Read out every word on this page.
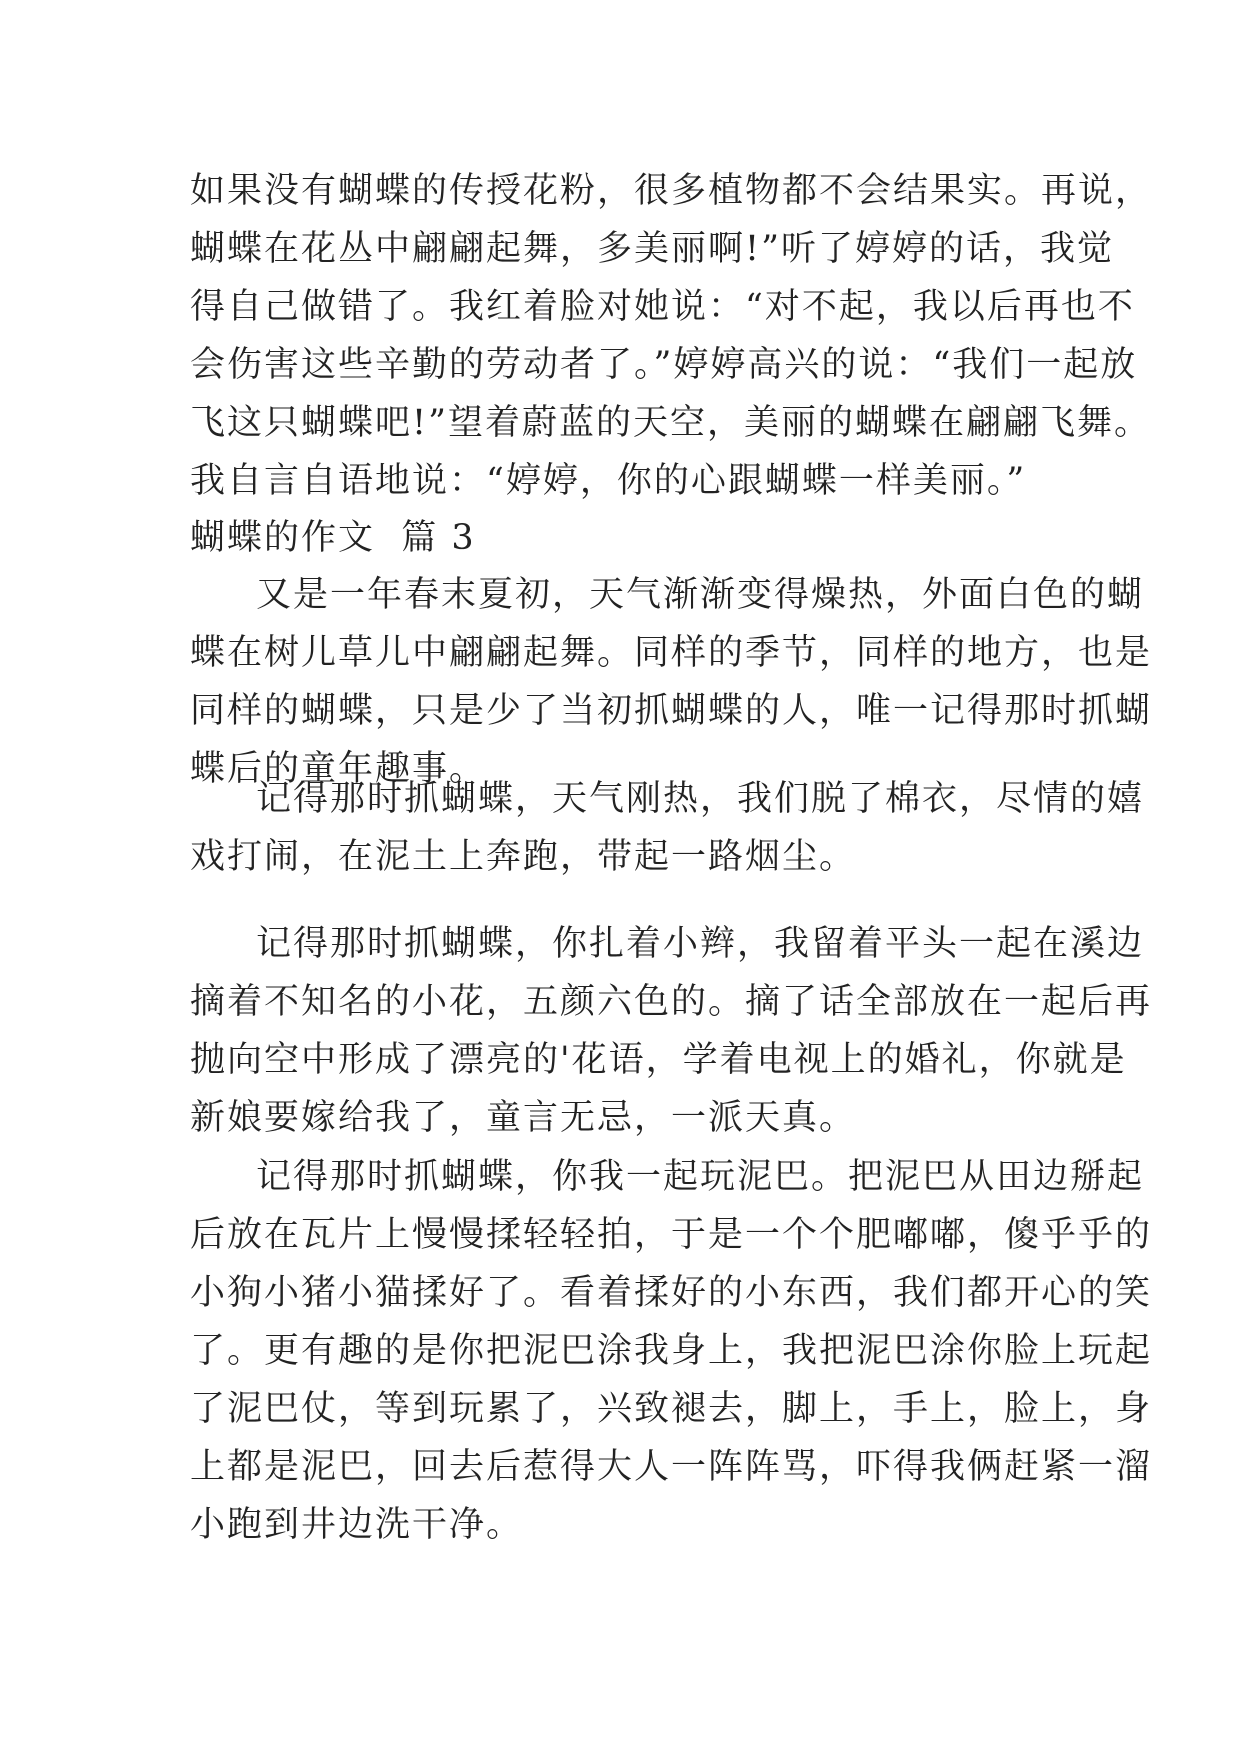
如果没有蝴蝶的传授花粉，很多植物都不会结果实。再说，
蝴蝶在花丛中翩翩起舞，多美丽啊!”听了婷婷的话，我觉
得自己做错了。我红着脸对她说：“对不起，我以后再也不
会伤害这些辛勤的劳动者了。”婷婷高兴的说：“我们一起放
飞这只蝴蝶吧!”望着蔚蓝的天空，美丽的蝴蝶在翩翩飞舞。
我自言自语地说：“婷婷，你的心跟蝴蝶一样美丽。”
蝴蝶的作文  篇 3
又是一年春末夏初，天气渐渐变得燥热，外面白色的蝴
蝶在树儿草儿中翩翩起舞。同样的季节，同样的地方，也是
同样的蝴蝶，只是少了当初抓蝴蝶的人，唯一记得那时抓蝴
蝶后的童年趣事。
记得那时抓蝴蝶，天气刚热，我们脱了棉衣，尽情的嬉
戏打闹，在泥土上奔跑，带起一路烟尘。
记得那时抓蝴蝶，你扎着小辫，我留着平头一起在溪边
摘着不知名的小花，五颜六色的。摘了话全部放在一起后再
抛向空中形成了漂亮的'花语，学着电视上的婚礼，你就是
新娘要嫁给我了，童言无忌，一派天真。
记得那时抓蝴蝶，你我一起玩泥巴。把泥巴从田边掰起
后放在瓦片上慢慢揉轻轻拍，于是一个个肥嘟嘟，傻乎乎的
小狗小猪小猫揉好了。看着揉好的小东西，我们都开心的笑
了。更有趣的是你把泥巴涂我身上，我把泥巴涂你脸上玩起
了泥巴仗，等到玩累了，兴致褪去，脚上，手上，脸上，身
上都是泥巴，回去后惹得大人一阵阵骂，吓得我俩赶紧一溜
小跑到井边洗干净。
